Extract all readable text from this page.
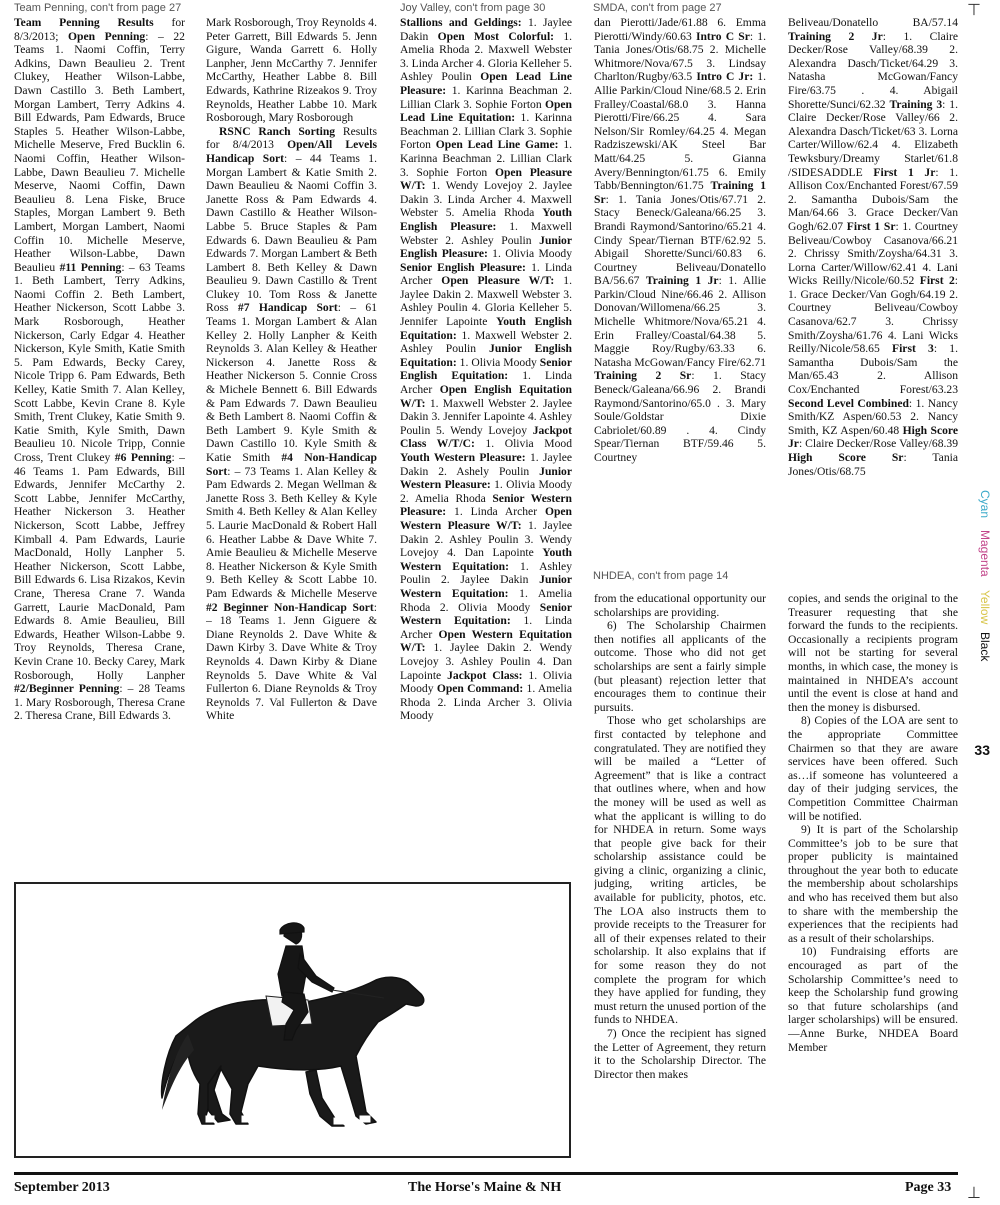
Team Penning, con't from page 27	Joy Valley, con't from page 30	SMDA, con't from page 27	⊤
⊥
Cyan
Magenta
Yellow
Black
33

Team Penning Results for 8/3/2013; Open Penning: – 22 Teams 1. Naomi Coffin, Terry Adkins, Dawn Beaulieu 2. Trent Clukey, Heather Wilson-Labbe, Dawn Castillo 3. Beth Lambert, Morgan Lambert, Terry Adkins 4. Bill Edwards, Pam Edwards, Bruce Staples 5. Heather Wilson-Labbe, Michelle Meserve, Fred Bucklin 6. Naomi Coffin, Heather Wilson-Labbe, Dawn Beaulieu 7. Michelle Meserve, Naomi Coffin, Dawn Beaulieu 8. Lena Fiske, Bruce Staples, Morgan Lambert 9. Beth Lambert, Morgan Lambert, Naomi Coffin 10. Michelle Meserve, Heather Wilson-Labbe, Dawn Beaulieu #11 Penning: – 63 Teams 1. Beth Lambert, Terry Adkins, Naomi Coffin 2. Beth Lambert, Heather Nickerson, Scott Labbe 3. Mark Rosborough, Heather Nickerson, Carly Edgar 4. Heather Nickerson, Kyle Smith, Katie Smith 5. Pam Edwards, Becky Carey, Nicole Tripp 6. Pam Edwards, Beth Kelley, Katie Smith 7. Alan Kelley, Scott Labbe, Kevin Crane 8. Kyle Smith, Trent Clukey, Katie Smith 9. Katie Smith, Kyle Smith, Dawn Beaulieu 10. Nicole Tripp, Connie Cross, Trent Clukey #6 Penning: – 46 Teams 1. Pam Edwards, Bill Edwards, Jennifer McCarthy 2. Scott Labbe, Jennifer McCarthy, Heather Nickerson 3. Heather Nickerson, Scott Labbe, Jeffrey Kimball 4. Pam Edwards, Laurie MacDonald, Holly Lanpher 5. Heather Nickerson, Scott Labbe, Bill Edwards 6. Lisa Rizakos, Kevin Crane, Theresa Crane 7. Wanda Garrett, Laurie MacDonald, Pam Edwards 8. Amie Beaulieu, Bill Edwards, Heather Wilson-Labbe 9. Troy Reynolds, Theresa Crane, Kevin Crane 10. Becky Carey, Mark Rosborough, Holly Lanpher #2/Beginner Penning: – 28 Teams 1. Mary Rosborough, Theresa Crane 2. Theresa Crane, Bill Edwards 3.

Mark Rosborough, Troy Reynolds 4. Peter Garrett, Bill Edwards 5. Jenn Gigure, Wanda Garrett 6. Holly Lanpher, Jenn McCarthy 7. Jennifer McCarthy, Heather Labbe 8. Bill Edwards, Kathrine Rizeakos 9. Troy Reynolds, Heather Labbe 10. Mark Rosborough, Mary Rosborough

RSNC Ranch Sorting Results for 8/4/2013 Open/All Levels Handicap Sort: – 44 Teams 1. Morgan Lambert & Katie Smith 2. Dawn Beaulieu & Naomi Coffin 3. Janette Ross & Pam Edwards 4. Dawn Castillo & Heather Wilson-Labbe 5. Bruce Staples & Pam Edwards 6. Dawn Beaulieu & Pam Edwards 7. Morgan Lambert & Beth Lambert 8. Beth Kelley & Dawn Beaulieu 9. Dawn Castillo & Trent Clukey 10. Tom Ross & Janette Ross #7 Handicap Sort: – 61 Teams 1. Morgan Lambert & Alan Kelley 2. Holly Lanpher & Keith Reynolds 3. Alan Kelley & Heather Nickerson 4. Janette Ross & Heather Nickerson 5. Connie Cross & Michele Bennett 6. Bill Edwards & Pam Edwards 7. Dawn Beaulieu & Beth Lambert 8. Naomi Coffin & Beth Lambert 9. Kyle Smith & Dawn Castillo 10. Kyle Smith & Katie Smith #4 Non-Handicap Sort: – 73 Teams 1. Alan Kelley & Pam Edwards 2. Megan Wellman & Janette Ross 3. Beth Kelley & Kyle Smith 4. Beth Kelley & Alan Kelley 5. Laurie MacDonald & Robert Hall 6. Heather Labbe & Dave White 7. Amie Beaulieu & Michelle Meserve 8. Heather Nickerson & Kyle Smith 9. Beth Kelley & Scott Labbe 10. Pam Edwards & Michelle Meserve #2 Beginner Non-Handicap Sort: – 18 Teams 1. Jenn Giguere & Diane Reynolds 2. Dave White & Dawn Kirby 3. Dave White & Troy Reynolds 4. Dawn Kirby & Diane Reynolds 5. Dave White & Val Fullerton 6. Diane Reynolds & Troy Reynolds 7. Val Fullerton & Dave White

Stallions and Geldings: 1. Jaylee Dakin Open Most Colorful: 1. Amelia Rhoda 2. Maxwell Webster 3. Linda Archer 4. Gloria Kelleher 5. Ashley Poulin Open Lead Line Pleasure: 1. Karinna Beachman 2. Lillian Clark 3. Sophie Forton Open Lead Line Equitation: 1. Karinna Beachman 2. Lillian Clark 3. Sophie Forton Open Lead Line Game: 1. Karinna Beachman 2. Lillian Clark 3. Sophie Forton Open Pleasure W/T: 1. Wendy Lovejoy 2. Jaylee Dakin 3. Linda Archer 4. Maxwell Webster 5. Amelia Rhoda Youth English Pleasure: 1. Maxwell Webster 2. Ashley Poulin Junior English Pleasure: 1. Olivia Moody Senior English Pleasure: 1. Linda Archer Open Pleasure W/T: 1. Jaylee Dakin 2. Maxwell Webster 3. Ashley Poulin 4. Gloria Kelleher 5. Jennifer Lapointe Youth English Equitation: 1. Maxwell Webster 2. Ashley Poulin Junior English Equitation: 1. Olivia Moody Senior English Equitation: 1. Linda Archer Open English Equitation W/T: 1. Maxwell Webster 2. Jaylee Dakin 3. Jennifer Lapointe 4. Ashley Poulin 5. Wendy Lovejoy Jackpot Class W/T/C: 1. Olivia Mood Youth Western Pleasure: 1. Jaylee Dakin 2. Ashely Poulin Junior Western Pleasure: 1. Olivia Moody 2. Amelia Rhoda Senior Western Pleasure: 1. Linda Archer Open Western Pleasure W/T: 1. Jaylee Dakin 2. Ashley Poulin 3. Wendy Lovejoy 4. Dan Lapointe Youth Western Equitation: 1. Ashley Poulin 2. Jaylee Dakin Junior Western Equitation: 1. Amelia Rhoda 2. Olivia Moody Senior Western Equitation: 1. Linda Archer Open Western Equitation W/T: 1. Jaylee Dakin 2. Wendy Lovejoy 3. Ashley Poulin 4. Dan Lapointe Jackpot Class: 1. Olivia Moody Open Command: 1. Amelia Rhoda 2. Linda Archer 3. Olivia Moody

dan Pierotti/Jade/61.88 6. Emma Pierotti/Windy/60.63 Intro C Sr: 1. Tania Jones/Otis/68.75 2. Michelle Whitmore/Nova/67.5 3. Lindsay Charlton/Rugby/63.5 Intro C Jr: 1. Allie Parkin/Cloud Nine/68.5 2. Erin Fralley/Coastal/68.0 3. Hanna Pierotti/Fire/66.25 4. Sara Nelson/Sir Romley/64.25 4. Megan Radziszewski/AK Steel Bar Matt/64.25 5. Gianna Avery/Bennington/61.75 6. Emily Tabb/Bennington/61.75 Training 1 Sr: 1. Tania Jones/Otis/67.71 2. Stacy Beneck/Galeana/66.25 3. Brandi Raymond/Santorino/65.21 4. Cindy Spear/Tiernan BTF/62.92 5. Abigail Shorette/Sunci/60.83 6. Courtney Beliveau/Donatello BA/56.67 Training 1 Jr: 1. Allie Parkin/Cloud Nine/66.46 2. Allison Donovan/Willomena/66.25 3. Michelle Whitmore/Nova/65.21 4. Erin Fralley/Coastal/64.38 5. Maggie Roy/Rugby/63.33 6. Natasha McGowan/Fancy Fire/62.71 Training 2 Sr: 1. Stacy Beneck/Galeana/66.96 2. Brandi Raymond/Santorino/65.0 . 3. Mary Soule/Goldstar Dixie Cabriolet/60.89 . 4. Cindy Spear/Tiernan BTF/59.46 5. Courtney

Beliveau/Donatello BA/57.14 Training 2 Jr: 1. Claire Decker/Rose Valley/68.39 2. Alexandra Dasch/Ticket/64.29 3. Natasha McGowan/Fancy Fire/63.75 . 4. Abigail Shorette/Sunci/62.32 Training 3: 1. Claire Decker/Rose Valley/66 2. Alexandra Dasch/Ticket/63 3. Lorna Carter/Willow/62.4 4. Elizabeth Tewksbury/Dreamy Starlet/61.8 /SIDESADDLE First 1 Jr: 1. Allison Cox/Enchanted Forest/67.59 2. Samantha Dubois/Sam the Man/64.66 3. Grace Decker/Van Gogh/62.07 First 1 Sr: 1. Courtney Beliveau/Cowboy Casanova/66.21 2. Chrissy Smith/Zoysha/64.31 3. Lorna Carter/Willow/62.41 4. Lani Wicks Reilly/Nicole/60.52 First 2: 1. Grace Decker/Van Gogh/64.19 2. Courtney Beliveau/Cowboy Casanova/62.7 3. Chrissy Smith/Zoysha/61.76 4. Lani Wicks Reilly/Nicole/58.65 First 3: 1. Samantha Dubois/Sam the Man/65.43 2. Allison Cox/Enchanted Forest/63.23 Second Level Combined: 1. Nancy Smith/KZ Aspen/60.53 2. Nancy Smith, KZ Aspen/60.48 High Score Jr: Claire Decker/Rose Valley/68.39 High Score Sr: Tania Jones/Otis/68.75

NHDEA, con't from page 14

from the educational opportunity our scholarships are providing.

6) The Scholarship Chairmen then notifies all applicants of the outcome. Those who did not get scholarships are sent a fairly simple (but pleasant) rejection letter that encourages them to continue their pursuits.

Those who get scholarships are first contacted by telephone and congratulated. They are notified they will be mailed a “Letter of Agreement” that is like a contract that outlines where, when and how the money will be used as well as what the applicant is willing to do for NHDEA in return. Some ways that people give back for their scholarship assistance could be giving a clinic, organizing a clinic, judging, writing articles, be available for publicity, photos, etc. The LOA also instructs them to provide receipts to the Treasurer for all of their expenses related to their scholarship. It also explains that if for some reason they do not complete the program for which they have applied for funding, they must return the unused portion of the funds to NHDEA.

7) Once the recipient has signed the Letter of Agreement, they return it to the Scholarship Director. The Director then makes

copies, and sends the original to the Treasurer requesting that she forward the funds to the recipients. Occasionally a recipients program will not be starting for several months, in which case, the money is maintained in NHDEA’s account until the event is close at hand and then the money is disbursed.

8) Copies of the LOA are sent to the appropriate Committee Chairmen so that they are aware services have been offered. Such as…if someone has volunteered a day of their judging services, the Competition Committee Chairman will be notified.

9) It is part of the Scholarship Committee’s job to be sure that proper publicity is maintained throughout the year both to educate the membership about scholarships and who has received them but also to share with the membership the experiences that the recipients had as a result of their scholarships.

10) Fundraising efforts are encouraged as part of the Scholarship Committee’s need to keep the Scholarship fund growing so that future scholarships (and larger scholarships) will be ensured. —Anne Burke, NHDEA Board Member

September 2013	The Horse's Maine & NH	Page 33
